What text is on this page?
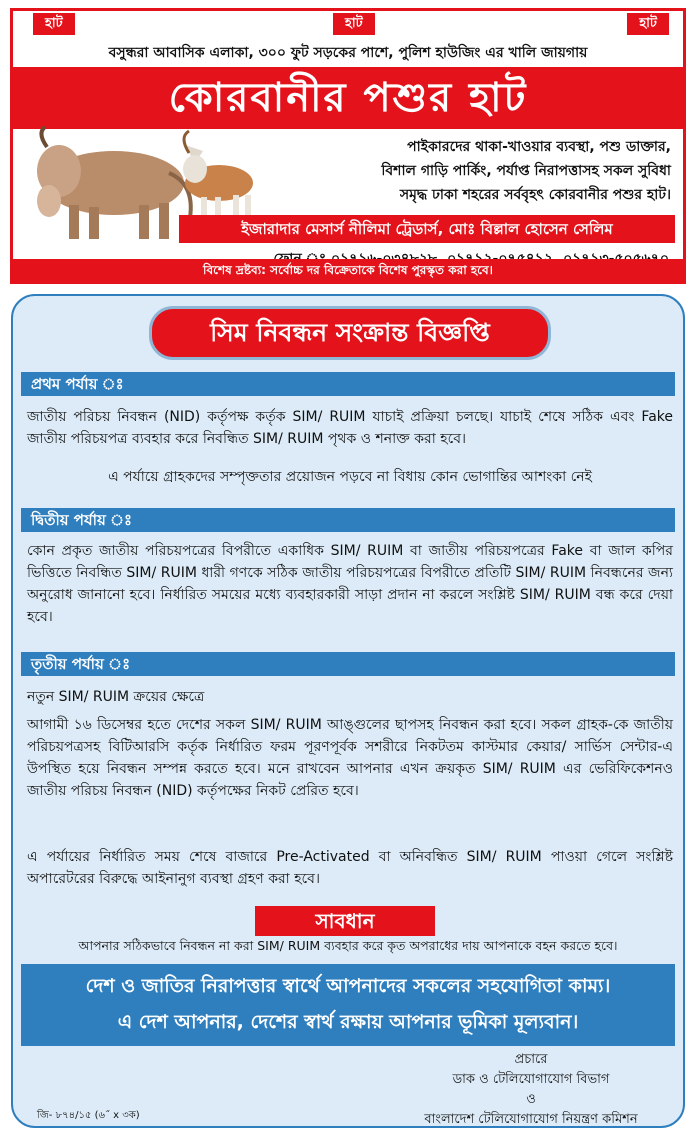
হাট	হাট	হাট
বসুন্ধরা আবাসিক এলাকা, ৩০০ ফুট সড়কের পাশে, পুলিশ হাউজিং এর খালি জায়গায়
কোরবানীর পশুর হাট
পাইকারদের থাকা-খাওয়ার ব্যবস্থা, পশু ডাক্তার,
বিশাল গাড়ি পার্কিং, পর্যাপ্ত নিরাপত্তাসহ সকল সুবিধা
সমৃদ্ধ ঢাকা শহরের সর্ববৃহৎ কোরবানীর পশুর হাট।
ইজারাদার মেসার্স নীলিমা ট্রেডার্স, মোঃ বিল্লাল হোসেন সেলিম
বিশেষ দ্রষ্টব্য: সর্বোচ্চ দর বিক্রেতাকে বিশেষ পুরস্কৃত করা হবে।
সিম নিবন্ধন সংক্রান্ত বিজ্ঞপ্তি
প্রথম পর্যায় ঃ
জাতীয় পরিচয় নিবন্ধন (NID) কর্তৃপক্ষ কর্তৃক SIM/ RUIM যাচাই প্রক্রিয়া চলছে। যাচাই শেষে সঠিক এবং Fake জাতীয় পরিচয়পত্র ব্যবহার করে নিবন্ধিত SIM/ RUIM পৃথক ও শনাক্ত করা হবে।
এ পর্যায়ে গ্রাহকদের সম্পৃক্ততার প্রয়োজন পড়বে না বিধায় কোন ভোগান্তির আশংকা নেই
দ্বিতীয় পর্যায় ঃ
কোন প্রকৃত জাতীয় পরিচয়পত্রের বিপরীতে একাধিক SIM/ RUIM বা জাতীয় পরিচয়পত্রের Fake বা জাল কপির ভিত্তিতে নিবন্ধিত SIM/ RUIM ধারী গণকে সঠিক জাতীয় পরিচয়পত্রের বিপরীতে প্রতিটি SIM/ RUIM নিবন্ধনের জন্য অনুরোধ জানানো হবে। নির্ধারিত সময়ের মধ্যে ব্যবহারকারী সাড়া প্রদান না করলে সংশ্লিষ্ট SIM/ RUIM বন্ধ করে দেয়া হবে।
তৃতীয় পর্যায় ঃ
নতুন SIM/ RUIM ক্রয়ের ক্ষেত্রে
আগামী ১৬ ডিসেম্বর হতে দেশের সকল SIM/ RUIM আঙ্গুলের ছাপসহ নিবন্ধন করা হবে। সকল গ্রাহক-কে জাতীয় পরিচয়পত্রসহ বিটিআরসি কর্তৃক নির্ধারিত ফরম পূরণপূর্বক সশরীরে নিকটতম কাস্টমার কেয়ার/ সার্ভিস সেন্টার-এ উপস্থিত হয়ে নিবন্ধন সম্পন্ন করতে হবে। মনে রাখবেন আপনার এখন ক্রয়কৃত SIM/ RUIM এর ভেরিফিকেশনও জাতীয় পরিচয় নিবন্ধন (NID) কর্তৃপক্ষের নিকট প্রেরিত হবে।
এ পর্যায়ের নির্ধারিত সময় শেষে বাজারে Pre-Activated বা অনিবন্ধিত SIM/ RUIM পাওয়া গেলে সংশ্লিষ্ট অপারেটরের বিরুদ্ধে আইনানুগ ব্যবস্থা গ্রহণ করা হবে।
সাবধান
আপনার সঠিকভাবে নিবন্ধন না করা SIM/ RUIM ব্যবহার করে কৃত অপরাধের দায় আপনাকে বহন করতে হবে।
দেশ ও জাতির নিরাপত্তার স্বার্থে আপনাদের সকলের সহযোগিতা কাম্য।
এ দেশ আপনার, দেশের স্বার্থ রক্ষায় আপনার ভূমিকা মূল্যবান।
প্রচারে
ডাক ও টেলিযোগাযোগ বিভাগ
ও
বাংলাদেশ টেলিযোগাযোগ নিয়ন্ত্রণ কমিশন
জি- ৮৭৪/১৫ (৬˝ x ৩ক)
